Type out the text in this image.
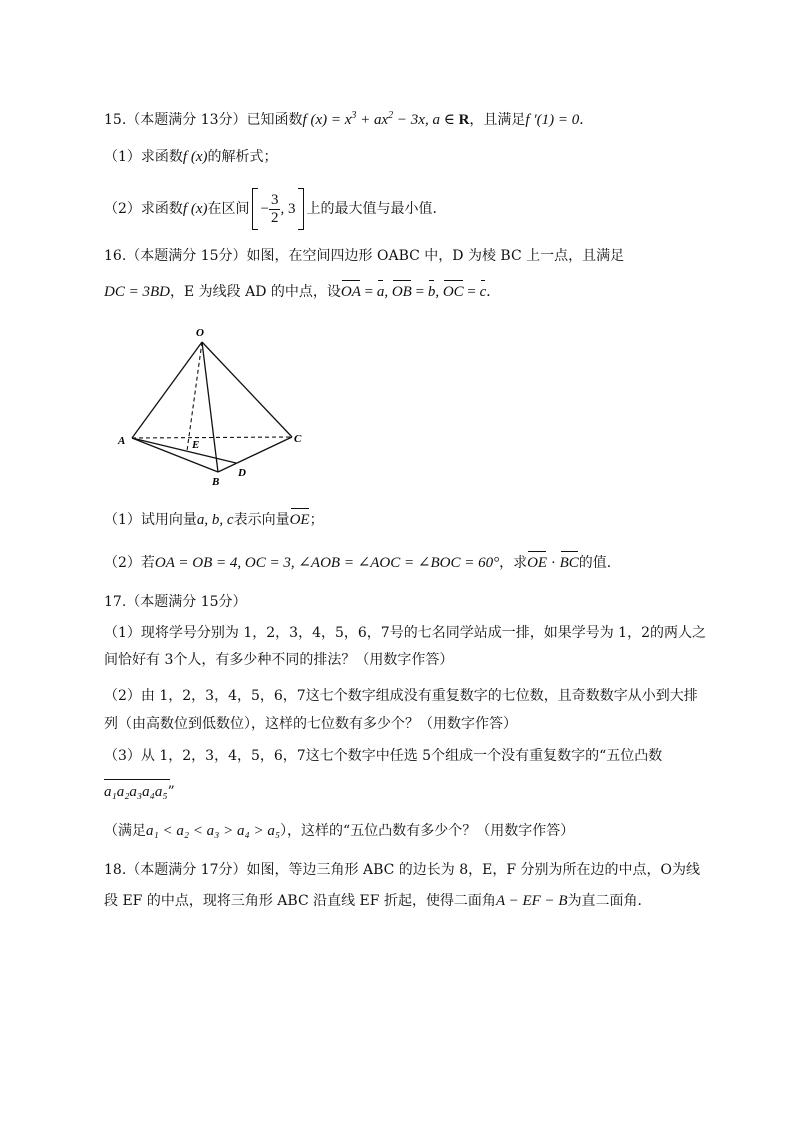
15.（本题满分 13分）已知函数f $(x) = x^3 + ax^2 - 3x$, a ∈ R，且满足f ′(1) = 0．
（1）求函数f (x)的解析式；
（2）求函数f (x)在区间 − $\frac{3}{2}$ , 3 上的最大值与最小值．
16.（本题满分 15分）如图，在空间四边形 OABC 中，D 为棱 BC 上一点，且满足
DC = 3BD，E 为线段 AD 的中点，设OA = a, OB = b, OC = c．
O
A
B
C
D
E
（1）试用向量a, b, c表示向量OE；
（2）若OA = OB = 4, OC = 3, ∠AOB = ∠AOC = ∠BOC = 60°，求OE · BC的值．
17.（本题满分 15分）
（1）现将学号分别为 1，2，3，4，5，6，7号的七名同学站成一排，如果学号为 1，2的两人之
间恰好有 3个人，有多少种不同的排法？（用数字作答）
（2）由 1，2，3，4，5，6，7这七个数字组成没有重复数字的七位数，且奇数数字从小到大排
列（由高数位到低数位），这样的七位数有多少个？（用数字作答）
（3）从 1，2，3，4，5，6，7这七个数字中任选 5个组成一个没有重复数字的“五位凸数
a₁a₂a₃a₄a₅”
（满足a₁ < a₂ < a₃ > a₄ > a₅），这样的“五位凸数有多少个？（用数字作答）
18.（本题满分 17分）如图，等边三角形 ABC 的边长为 8，E，F 分别为所在边的中点，O为线
段 EF 的中点，现将三角形 ABC 沿直线 EF 折起，使得二面角A − EF − B为直二面角．
